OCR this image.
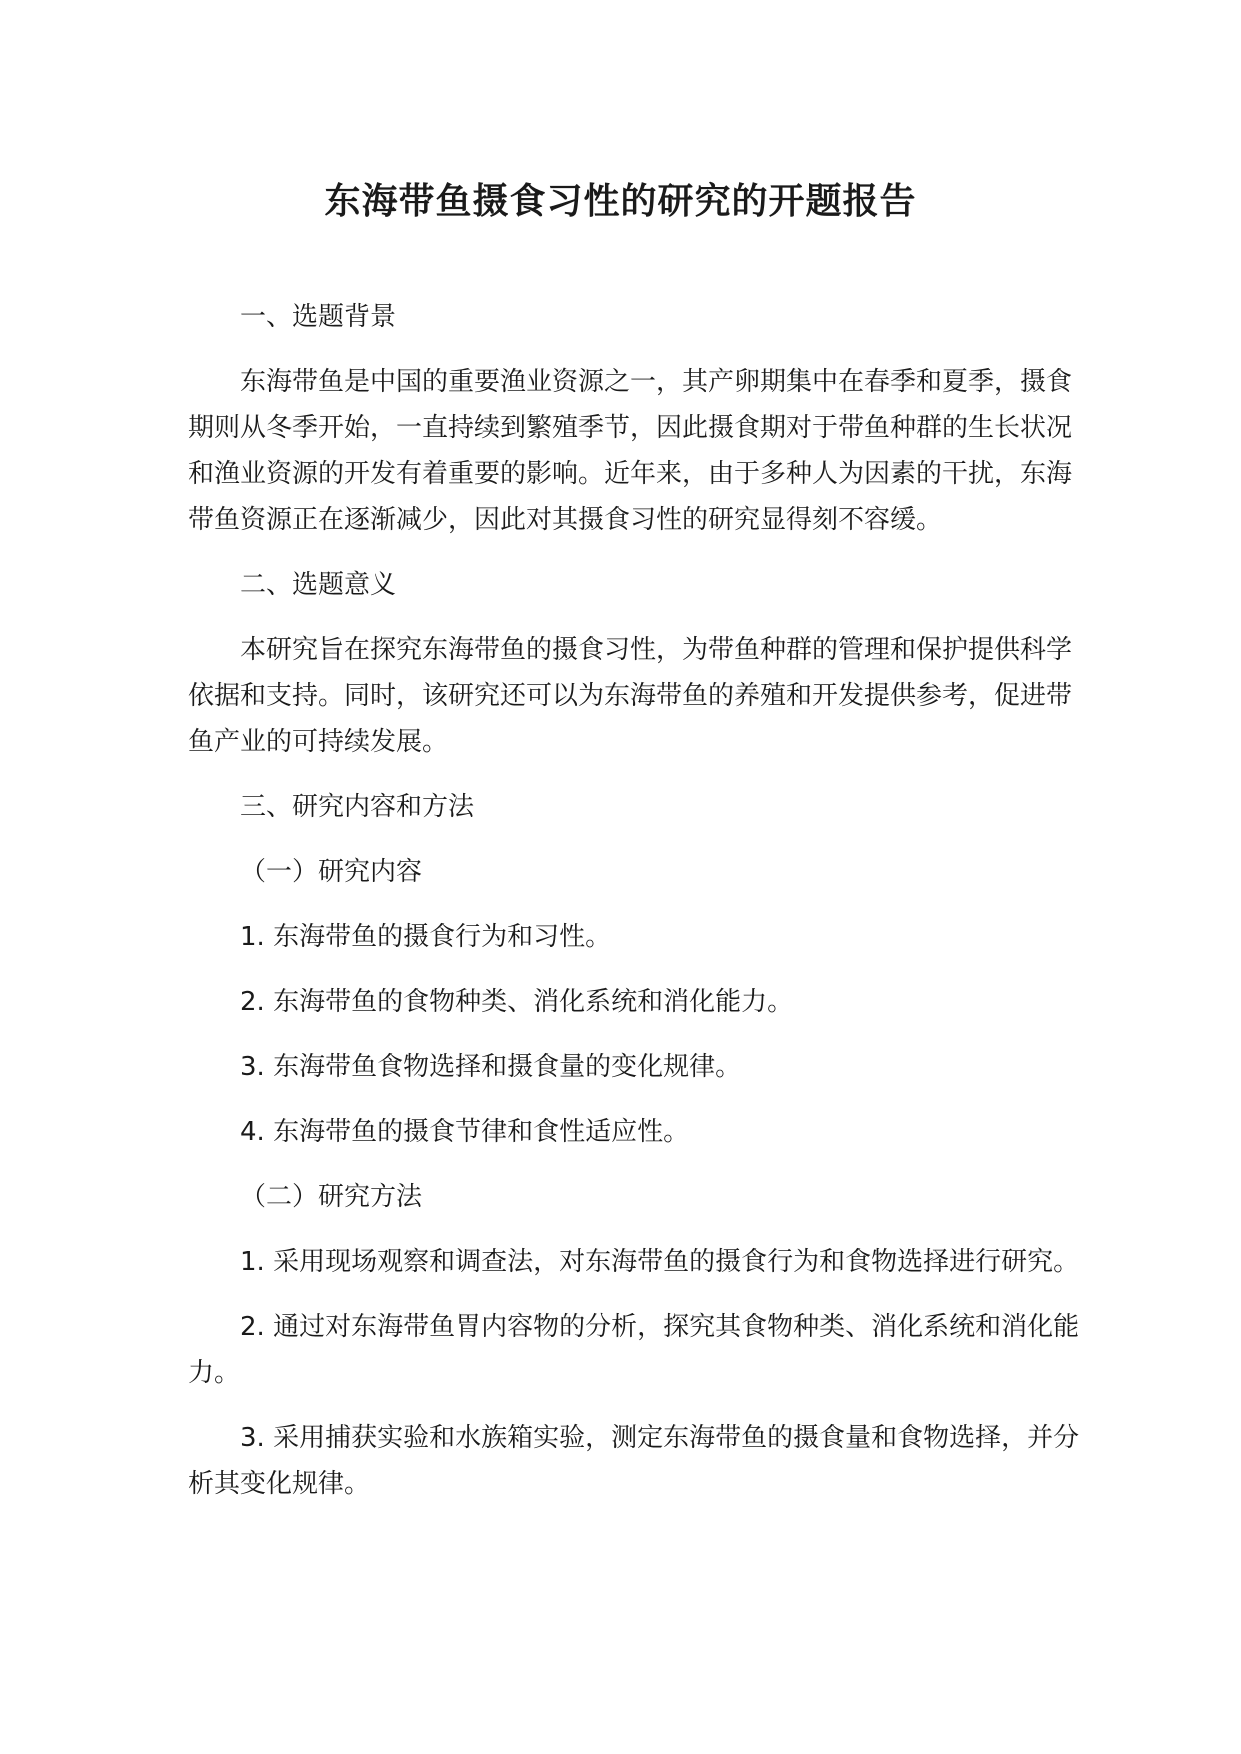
东海带鱼摄食习性的研究的开题报告

一、选题背景

东海带鱼是中国的重要渔业资源之一，其产卵期集中在春季和夏季，摄食期则从冬季开始，一直持续到繁殖季节，因此摄食期对于带鱼种群的生长状况和渔业资源的开发有着重要的影响。近年来，由于多种人为因素的干扰，东海带鱼资源正在逐渐减少，因此对其摄食习性的研究显得刻不容缓。

二、选题意义

本研究旨在探究东海带鱼的摄食习性，为带鱼种群的管理和保护提供科学依据和支持。同时，该研究还可以为东海带鱼的养殖和开发提供参考，促进带鱼产业的可持续发展。

三、研究内容和方法

（一）研究内容

1. 东海带鱼的摄食行为和习性。

2. 东海带鱼的食物种类、消化系统和消化能力。

3. 东海带鱼食物选择和摄食量的变化规律。

4. 东海带鱼的摄食节律和食性适应性。

（二）研究方法

1. 采用现场观察和调查法，对东海带鱼的摄食行为和食物选择进行研究。

2. 通过对东海带鱼胃内容物的分析，探究其食物种类、消化系统和消化能力。

3. 采用捕获实验和水族箱实验，测定东海带鱼的摄食量和食物选择，并分析其变化规律。
